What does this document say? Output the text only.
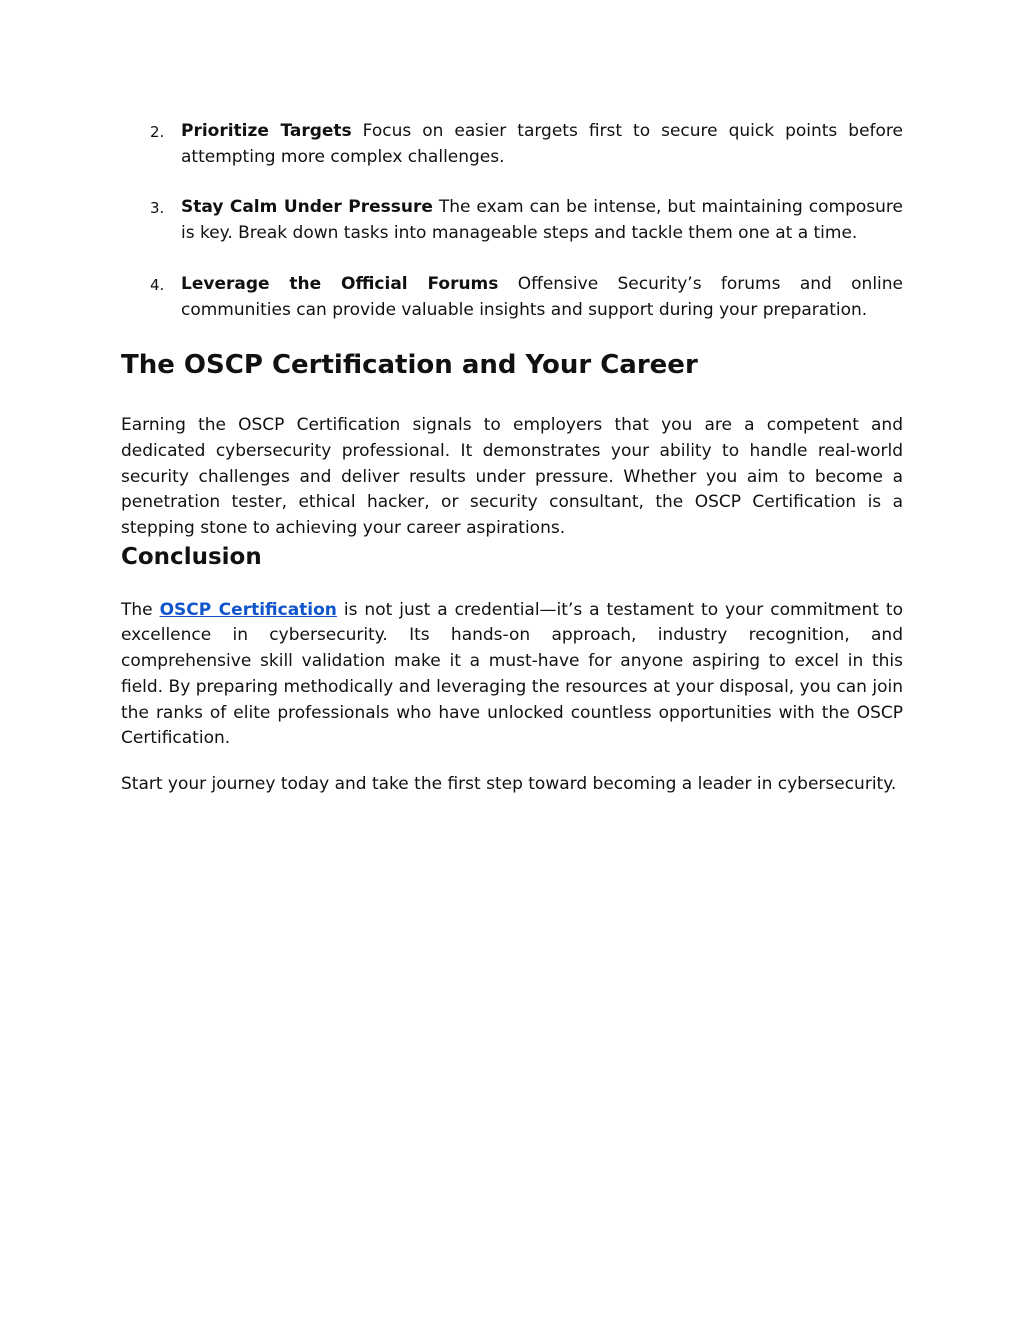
2. Prioritize Targets Focus on easier targets first to secure quick points before attempting more complex challenges.

3. Stay Calm Under Pressure The exam can be intense, but maintaining composure is key. Break down tasks into manageable steps and tackle them one at a time.

4. Leverage the Official Forums Offensive Security’s forums and online communities can provide valuable insights and support during your preparation.

The OSCP Certification and Your Career

Earning the OSCP Certification signals to employers that you are a competent and dedicated cybersecurity professional. It demonstrates your ability to handle real-world security challenges and deliver results under pressure. Whether you aim to become a penetration tester, ethical hacker, or security consultant, the OSCP Certification is a stepping stone to achieving your career aspirations.

Conclusion

The OSCP Certification is not just a credential—it’s a testament to your commitment to excellence in cybersecurity. Its hands-on approach, industry recognition, and comprehensive skill validation make it a must-have for anyone aspiring to excel in this field. By preparing methodically and leveraging the resources at your disposal, you can join the ranks of elite professionals who have unlocked countless opportunities with the OSCP Certification.

Start your journey today and take the first step toward becoming a leader in cybersecurity.
